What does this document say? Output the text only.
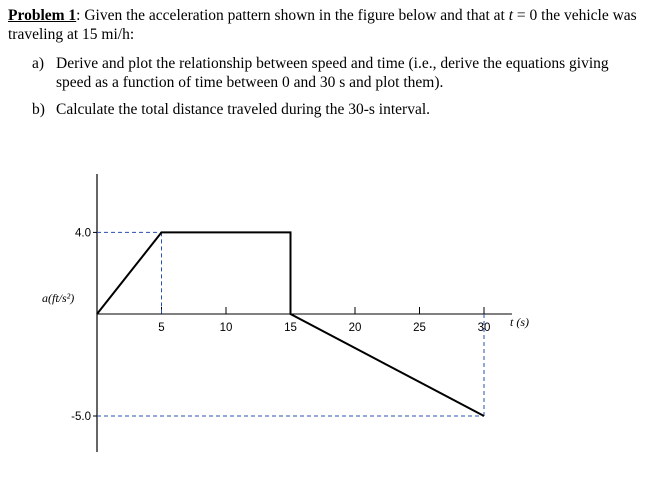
Problem 1: Given the acceleration pattern shown in the figure below and that at t = 0 the vehicle was traveling at 15 mi/h:
a) Derive and plot the relationship between speed and time (i.e., derive the equations giving speed as a function of time between 0 and 30 s and plot them).
b) Calculate the total distance traveled during the 30-s interval.
a(ft/s²)
t (s)
5	10	15	20	25	30
4.0
-5.0
